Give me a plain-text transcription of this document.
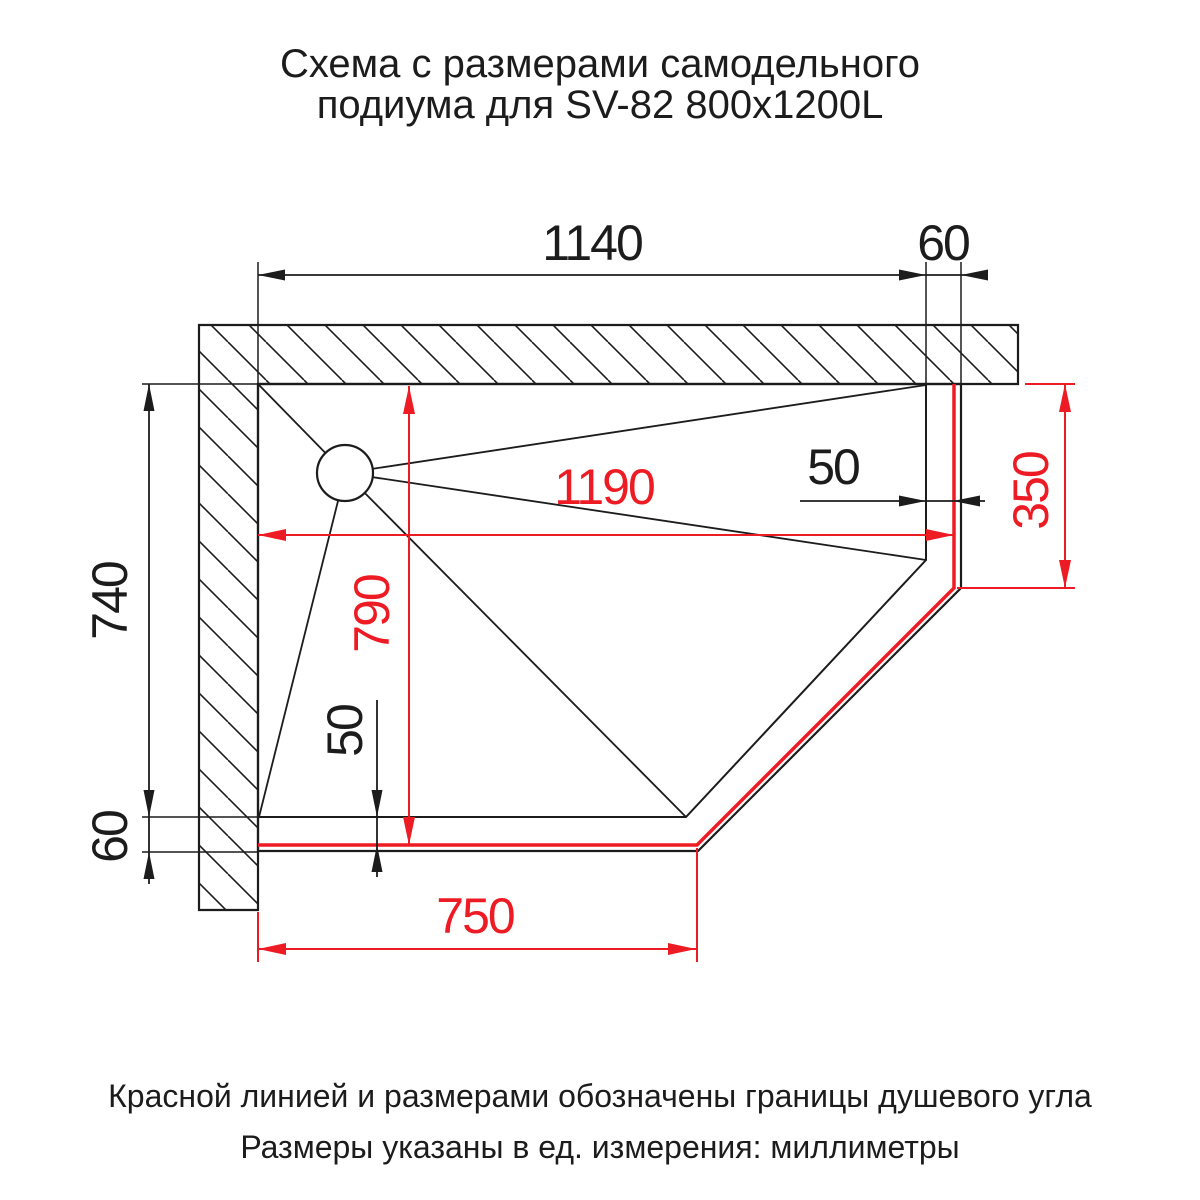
Схема с размерами самодельного
подиума для SV-82 800x1200L
1140	60
740
60
50
50
1190
790
750
350
Красной линией и размерами обозначены границы душевого угла
Размеры указаны в ед. измерения: миллиметры
